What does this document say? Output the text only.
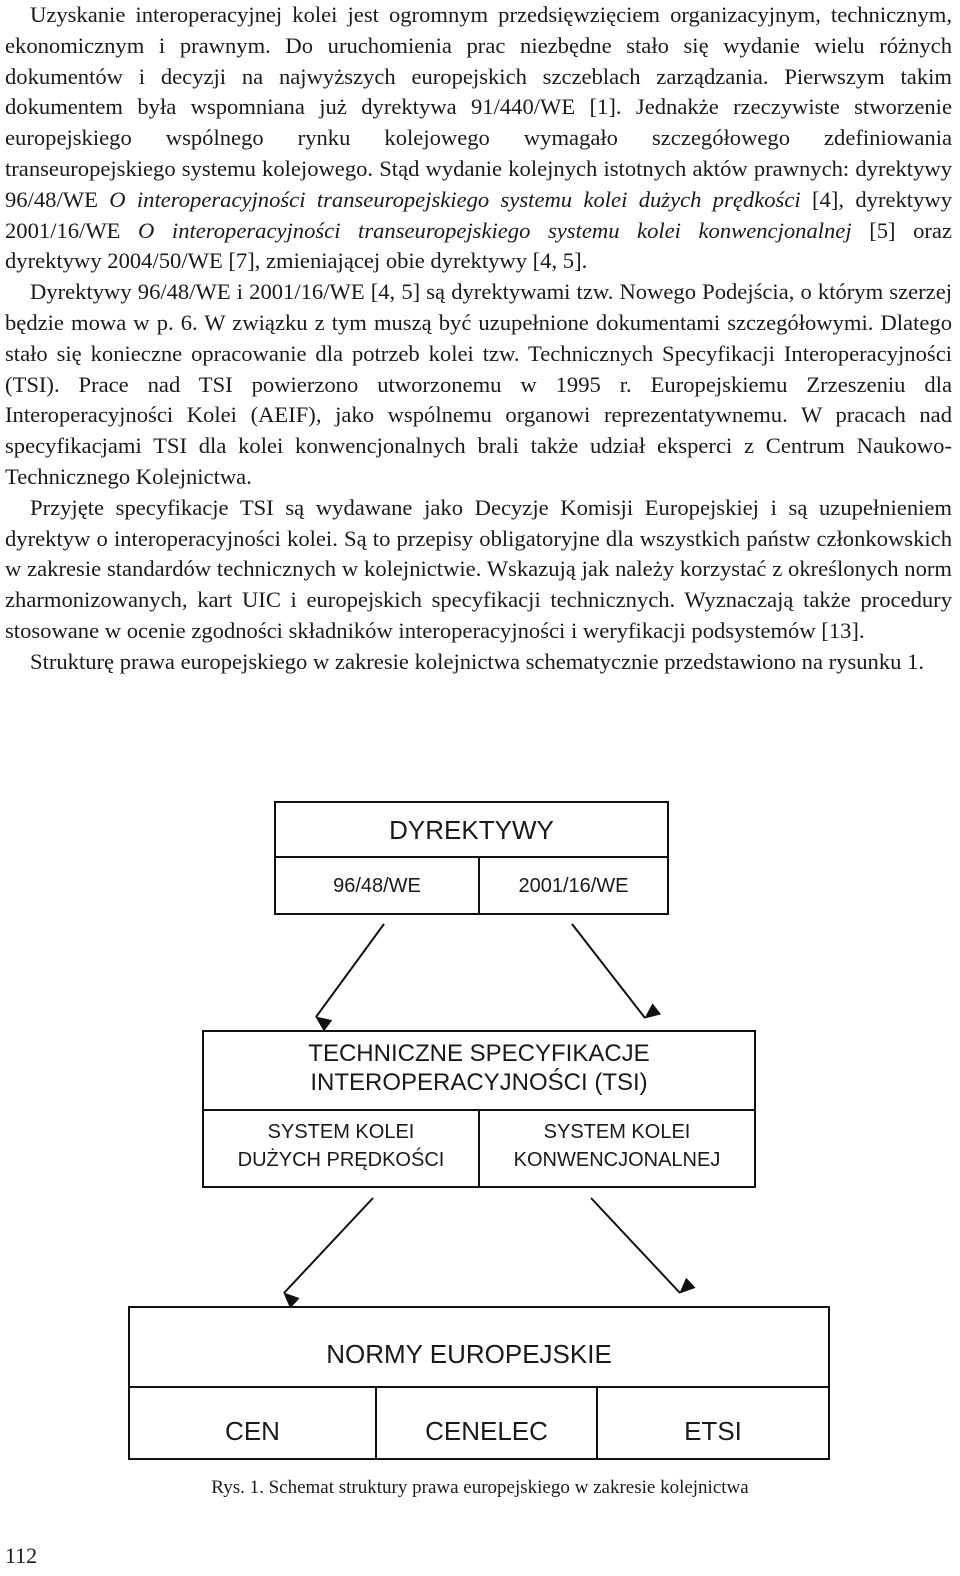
Uzyskanie interoperacyjnej kolei jest ogromnym przedsięwzięciem organizacyjnym, technicznym, ekonomicznym i prawnym. Do uruchomienia prac niezbędne stało się wydanie wielu różnych dokumentów i decyzji na najwyższych europejskich szczeblach zarządzania. Pierwszym takim dokumentem była wspomniana już dyrektywa 91/440/WE [1]. Jednakże rzeczywiste stworzenie europejskiego wspólnego rynku kolejowego wymagało szczegółowego zdefiniowania transeuropejskiego systemu kolejowego. Stąd wydanie kolejnych istotnych aktów prawnych: dyrektywy 96/48/WE O interoperacyjności transeuropejskiego systemu kolei dużych prędkości [4], dyrektywy 2001/16/WE O interoperacyjności transeuropejskiego systemu kolei konwencjonalnej [5] oraz dyrektywy 2004/50/WE [7], zmieniającej obie dyrektywy [4, 5].

Dyrektywy 96/48/WE i 2001/16/WE [4, 5] są dyrektywami tzw. Nowego Podejścia, o którym szerzej będzie mowa w p. 6. W związku z tym muszą być uzupełnione dokumentami szczegółowymi. Dlatego stało się konieczne opracowanie dla potrzeb kolei tzw. Technicznych Specyfikacji Interoperacyjności (TSI). Prace nad TSI powierzono utworzonemu w 1995 r. Europejskiemu Zrzeszeniu dla Interoperacyjności Kolei (AEIF), jako wspólnemu organowi reprezentatywnemu. W pracach nad specyfikacjami TSI dla kolei konwencjonalnych brali także udział eksperci z Centrum Naukowo-Technicznego Kolejnictwa.

Przyjęte specyfikacje TSI są wydawane jako Decyzje Komisji Europejskiej i są uzupełnieniem dyrektyw o interoperacyjności kolei. Są to przepisy obligatoryjne dla wszystkich państw członkowskich w zakresie standardów technicznych w kolejnictwie. Wskazują jak należy korzystać z określonych norm zharmonizowanych, kart UIC i europejskich specyfikacji technicznych. Wyznaczają także procedury stosowane w ocenie zgodności składników interoperacyjności i weryfikacji podsystemów [13].

Strukturę prawa europejskiego w zakresie kolejnictwa schematycznie przedstawiono na rysunku 1.

DYREKTYWY
96/48/WE	2001/16/WE
TECHNICZNE SPECYFIKACJE
INTEROPERACYJNOŚCI (TSI)
SYSTEM KOLEI
DUŻYCH PRĘDKOŚCI
SYSTEM KOLEI
KONWENCJONALNEJ
NORMY EUROPEJSKIE
CEN	CENELEC	ETSI
Rys. 1. Schemat struktury prawa europejskiego w zakresie kolejnictwa
112
